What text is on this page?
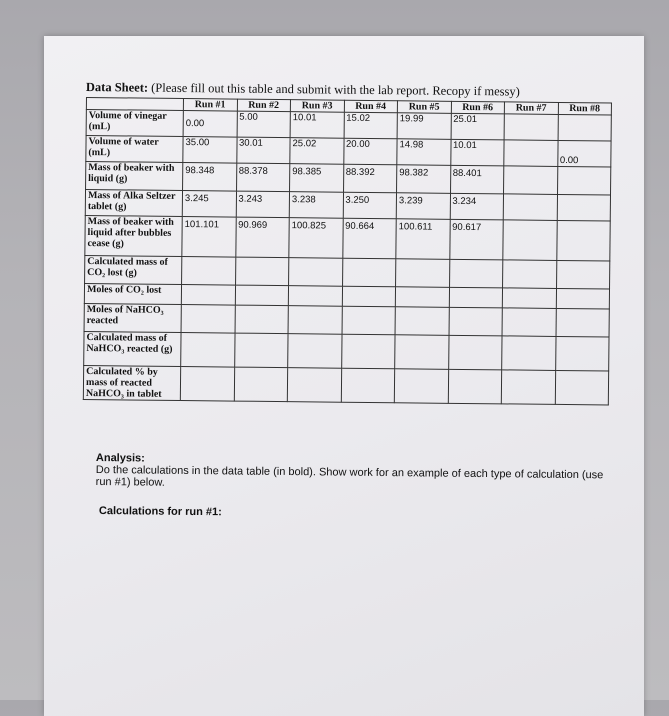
Data Sheet: (Please fill out this table and submit with the lab report. Recopy if messy)
	Run #1	Run #2	Run #3	Run #4	Run #5	Run #6	Run #7	Run #8
Volume of vinegar (mL)	0.00	5.00	10.01	15.02	19.99	25.01		
Volume of water (mL)	35.00	30.01	25.02	20.00	14.98	10.01		0.00
Mass of beaker with liquid (g)	98.348	88.378	98.385	88.392	98.382	88.401		
Mass of Alka Seltzer tablet (g)	3.245	3.243	3.238	3.250	3.239	3.234		
Mass of beaker with liquid after bubbles cease (g)	101.101	90.969	100.825	90.664	100.611	90.617		
Calculated mass of CO₂ lost (g)								
Moles of CO₂ lost								
Moles of NaHCO₃ reacted								
Calculated mass of NaHCO₃ reacted (g)								
Calculated % by mass of reacted NaHCO₃ in tablet								
Analysis:
Do the calculations in the data table (in bold). Show work for an example of each type of calculation (use run #1) below.
Calculations for run #1:
